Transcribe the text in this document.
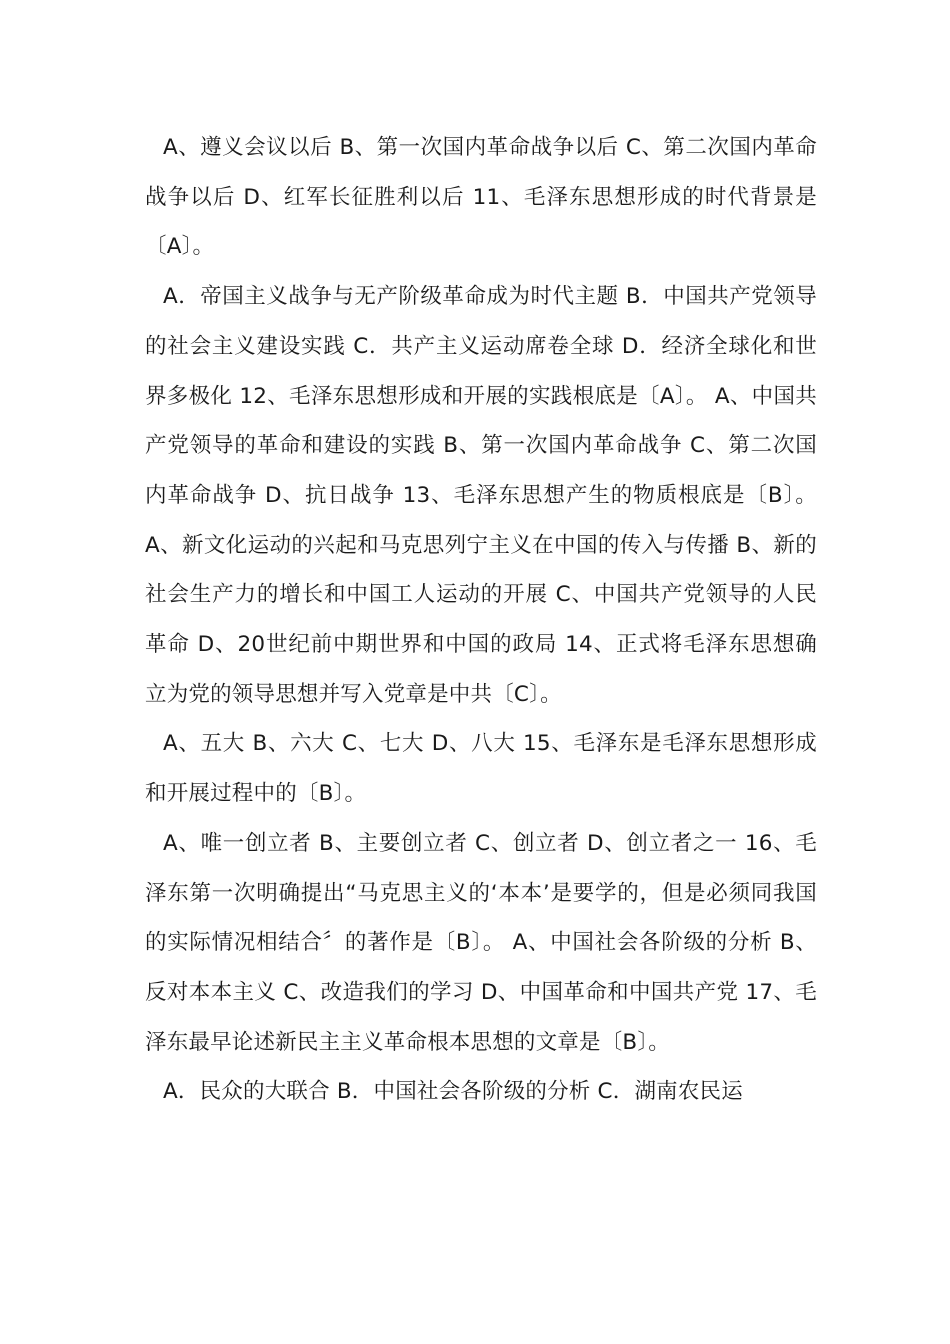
A、遵义会议以后 B、第一次国内革命战争以后 C、第二次国内革命战争以后 D、红军长征胜利以后 11、毛泽东思想形成的时代背景是〔A〕。

A．帝国主义战争与无产阶级革命成为时代主题 B．中国共产党领导的社会主义建设实践 C．共产主义运动席卷全球 D．经济全球化和世界多极化 12、毛泽东思想形成和开展的实践根底是〔A〕。 A、中国共产党领导的革命和建设的实践 B、第一次国内革命战争 C、第二次国内革命战争 D、抗日战争 13、毛泽东思想产生的物质根底是〔B〕。 A、新文化运动的兴起和马克思列宁主义在中国的传入与传播 B、新的社会生产力的增长和中国工人运动的开展 C、中国共产党领导的人民革命 D、20世纪前中期世界和中国的政局 14、正式将毛泽东思想确立为党的领导思想并写入党章是中共〔C〕。

A、五大 B、六大 C、七大 D、八大 15、毛泽东是毛泽东思想形成和开展过程中的〔B〕。

A、唯一创立者 B、主要创立者 C、创立者 D、创立者之一 16、毛泽东第一次明确提出“马克思主义的‘本本’是要学的，但是必须同我国的实际情况相结合〞的著作是〔B〕。 A、中国社会各阶级的分析 B、反对本本主义 C、改造我们的学习 D、中国革命和中国共产党 17、毛泽东最早论述新民主主义革命根本思想的文章是〔B〕。

A．民众的大联合 B．中国社会各阶级的分析 C．湖南农民运
